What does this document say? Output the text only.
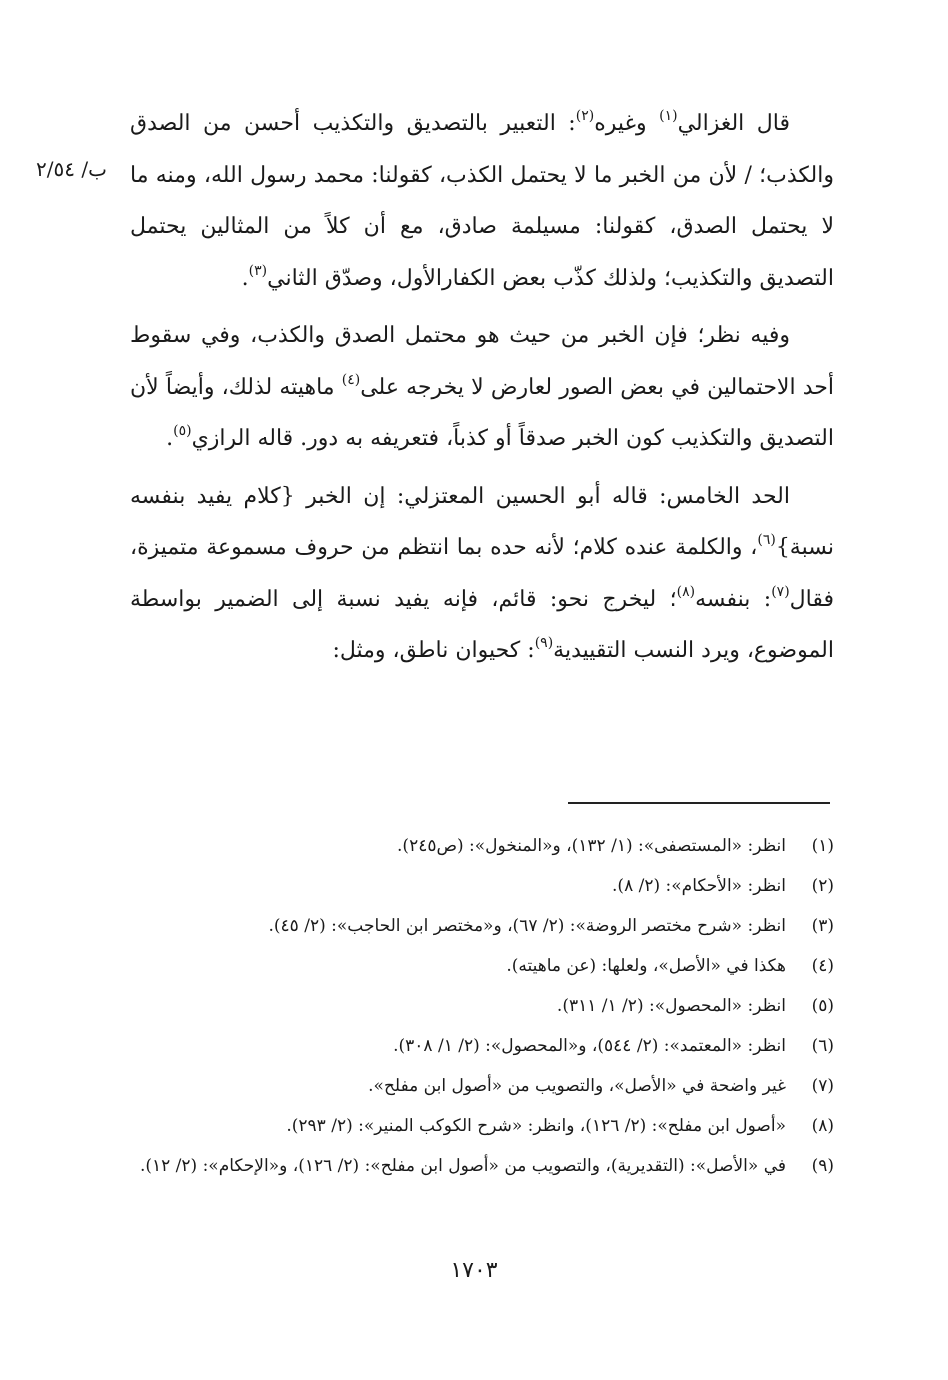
ب/ ٢/٥٤

قال الغزالي$^{(١)}$ وغيره$^{(٢)}$: التعبير بالتصديق والتكذيب أحسن من الصدق والكذب؛ / لأن من الخبر ما لا يحتمل الكذب، كقولنا: محمد رسول الله، ومنه ما لا يحتمل الصدق، كقولنا: مسيلمة صادق، مع أن كلاً من المثالين يحتمل التصديق والتكذيب؛ ولذلك كذّب بعض الكفارالأول، وصدّق الثاني$^{(٣)}$.

وفيه نظر؛ فإن الخبر من حيث هو محتمل الصدق والكذب، وفي سقوط أحد الاحتمالين في بعض الصور لعارض لا يخرجه على$^{(٤)}$ ماهيته لذلك، وأيضاً لأن التصديق والتكذيب كون الخبر صدقاً أو كذباً، فتعريفه به دور. قاله الرازي$^{(٥)}$.

الحد الخامس: قاله أبو الحسين المعتزلي: إن الخبر {كلام يفيد بنفسه نسبة}$^{(٦)}$، والكلمة عنده كلام؛ لأنه حده بما انتظم من حروف مسموعة متميزة، فقال$^{(٧)}$: بنفسه$^{(٨)}$؛ ليخرج نحو: قائم، فإنه يفيد نسبة إلى الضمير بواسطة الموضوع، ويرد النسب التقييدية$^{(٩)}$: كحيوان ناطق، ومثل:

(١)
انظر: «المستصفى»: (١/ ١٣٢)، و«المنخول»: (ص٢٤٥).
(٢)
انظر: «الأحكام»: (٢/ ٨).
(٣)
انظر: «شرح مختصر الروضة»: (٢/ ٦٧)، و«مختصر ابن الحاجب»: (٢/ ٤٥).
(٤)
هكذا في «الأصل»، ولعلها: (عن ماهيته).
(٥)
انظر: «المحصول»: (٢/ ١/ ٣١١).
(٦)
انظر: «المعتمد»: (٢/ ٥٤٤)، و«المحصول»: (٢/ ١/ ٣٠٨).
(٧)
غير واضحة في «الأصل»، والتصويب من «أصول ابن مفلح».
(٨)
«أصول ابن مفلح»: (٢/ ١٢٦)، وانظر: «شرح الكوكب المنير»: (٢/ ٢٩٣).
(٩)
في «الأصل»: (التقديرية)، والتصويب من «أصول ابن مفلح»: (٢/ ١٢٦)، و«الإحكام»: (٢/ ١٢).
١٧٠٣
